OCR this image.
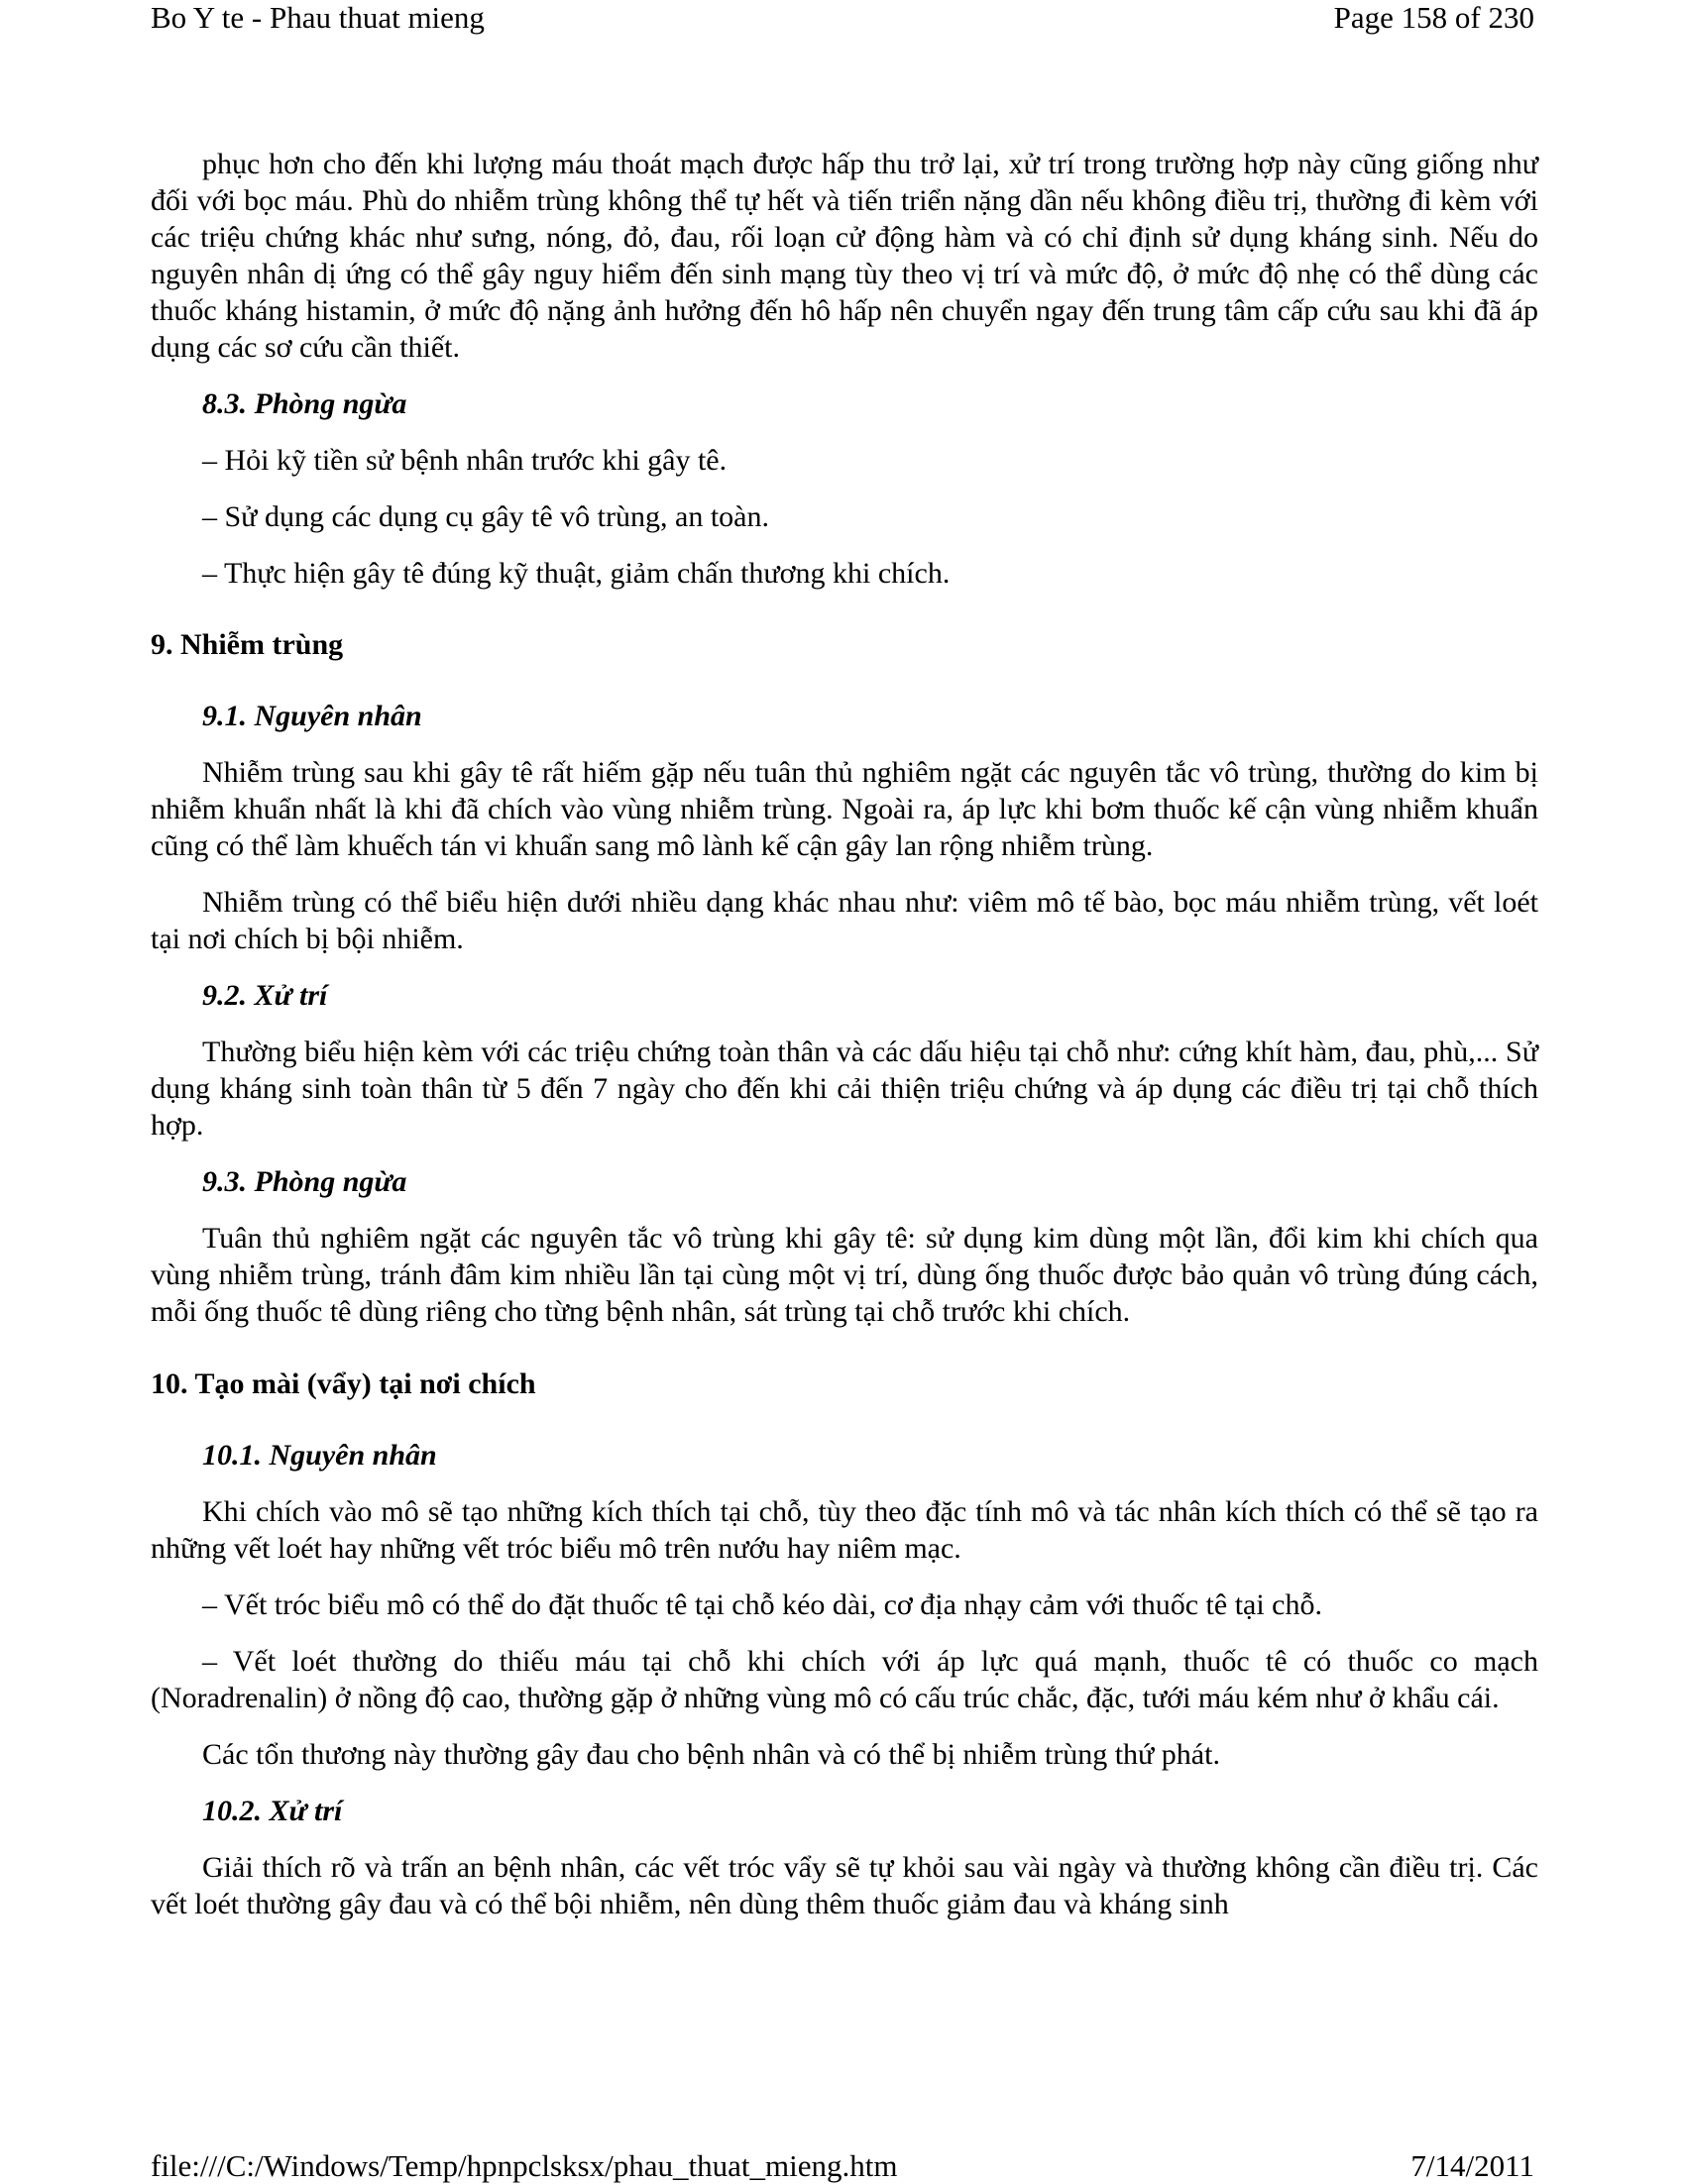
Bo Y te - Phau thuat mieng	Page 158 of 230

phục hơn cho đến khi lượng máu thoát mạch được hấp thu trở lại, xử trí trong trường hợp này cũng giống như đối với bọc máu. Phù do nhiễm trùng không thể tự hết và tiến triển nặng dần nếu không điều trị, thường đi kèm với các triệu chứng khác như sưng, nóng, đỏ, đau, rối loạn cử động hàm và có chỉ định sử dụng kháng sinh. Nếu do nguyên nhân dị ứng có thể gây nguy hiểm đến sinh mạng tùy theo vị trí và mức độ, ở mức độ nhẹ có thể dùng các thuốc kháng histamin, ở mức độ nặng ảnh hưởng đến hô hấp nên chuyển ngay đến trung tâm cấp cứu sau khi đã áp dụng các sơ cứu cần thiết.

8.3. Phòng ngừa

– Hỏi kỹ tiền sử bệnh nhân trước khi gây tê.

– Sử dụng các dụng cụ gây tê vô trùng, an toàn.

– Thực hiện gây tê đúng kỹ thuật, giảm chấn thương khi chích.

9. Nhiễm trùng
9.1. Nguyên nhân

Nhiễm trùng sau khi gây tê rất hiếm gặp nếu tuân thủ nghiêm ngặt các nguyên tắc vô trùng, thường do kim bị nhiễm khuẩn nhất là khi đã chích vào vùng nhiễm trùng. Ngoài ra, áp lực khi bơm thuốc kế cận vùng nhiễm khuẩn cũng có thể làm khuếch tán vi khuẩn sang mô lành kế cận gây lan rộng nhiễm trùng.

Nhiễm trùng có thể biểu hiện dưới nhiều dạng khác nhau như: viêm mô tế bào, bọc máu nhiễm trùng, vết loét tại nơi chích bị bội nhiễm.

9.2. Xử trí

Thường biểu hiện kèm với các triệu chứng toàn thân và các dấu hiệu tại chỗ như: cứng khít hàm, đau, phù,... Sử dụng kháng sinh toàn thân từ 5 đến 7 ngày cho đến khi cải thiện triệu chứng và áp dụng các điều trị tại chỗ thích hợp.

9.3. Phòng ngừa

Tuân thủ nghiêm ngặt các nguyên tắc vô trùng khi gây tê: sử dụng kim dùng một lần, đổi kim khi chích qua vùng nhiễm trùng, tránh đâm kim nhiều lần tại cùng một vị trí, dùng ống thuốc được bảo quản vô trùng đúng cách, mỗi ống thuốc tê dùng riêng cho từng bệnh nhân, sát trùng tại chỗ trước khi chích.

10. Tạo mài (vẩy) tại nơi chích
10.1. Nguyên nhân

Khi chích vào mô sẽ tạo những kích thích tại chỗ, tùy theo đặc tính mô và tác nhân kích thích có thể sẽ tạo ra những vết loét hay những vết tróc biểu mô trên nướu hay niêm mạc.

– Vết tróc biểu mô có thể do đặt thuốc tê tại chỗ kéo dài, cơ địa nhạy cảm với thuốc tê tại chỗ.

– Vết loét thường do thiếu máu tại chỗ khi chích với áp lực quá mạnh, thuốc tê có thuốc co mạch (Noradrenalin) ở nồng độ cao, thường gặp ở những vùng mô có cấu trúc chắc, đặc, tưới máu kém như ở khẩu cái.

Các tổn thương này thường gây đau cho bệnh nhân và có thể bị nhiễm trùng thứ phát.

10.2. Xử trí

Giải thích rõ và trấn an bệnh nhân, các vết tróc vẩy sẽ tự khỏi sau vài ngày và thường không cần điều trị. Các vết loét thường gây đau và có thể bội nhiễm, nên dùng thêm thuốc giảm đau và kháng sinh

file:///C:/Windows/Temp/hpnpclsksx/phau_thuat_mieng.htm	7/14/2011
